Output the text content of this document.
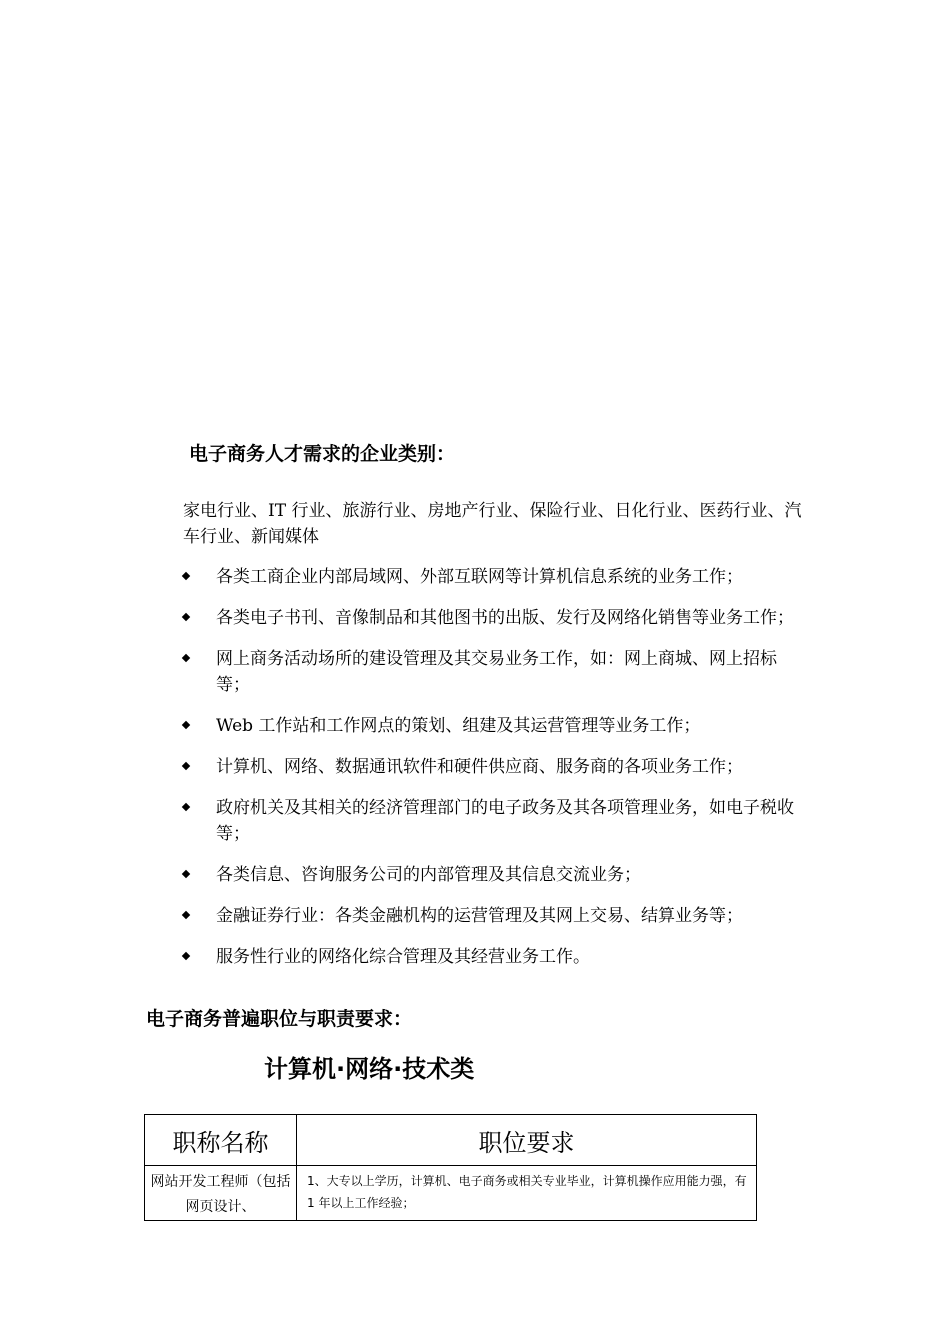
电子商务人才需求的企业类别：
家电行业、IT 行业、旅游行业、房地产行业、保险行业、日化行业、医药行业、汽车行业、新闻媒体
各类工商企业内部局域网、外部互联网等计算机信息系统的业务工作；
各类电子书刊、音像制品和其他图书的出版、发行及网络化销售等业务工作；
网上商务活动场所的建设管理及其交易业务工作，如：网上商城、网上招标等；
Web 工作站和工作网点的策划、组建及其运营管理等业务工作；
计算机、网络、数据通讯软件和硬件供应商、服务商的各项业务工作；
政府机关及其相关的经济管理部门的电子政务及其各项管理业务，如电子税收等；
各类信息、咨询服务公司的内部管理及其信息交流业务；
金融证券行业：各类金融机构的运营管理及其网上交易、结算业务等；
服务性行业的网络化综合管理及其经营业务工作。
电子商务普遍职位与职责要求：
计算机·网络·技术类
职称名称	职位要求
网站开发工程师（包括网页设计、	1、大专以上学历，计算机、电子商务或相关专业毕业，计算机操作应用能力强，有 1 年以上工作经验；
